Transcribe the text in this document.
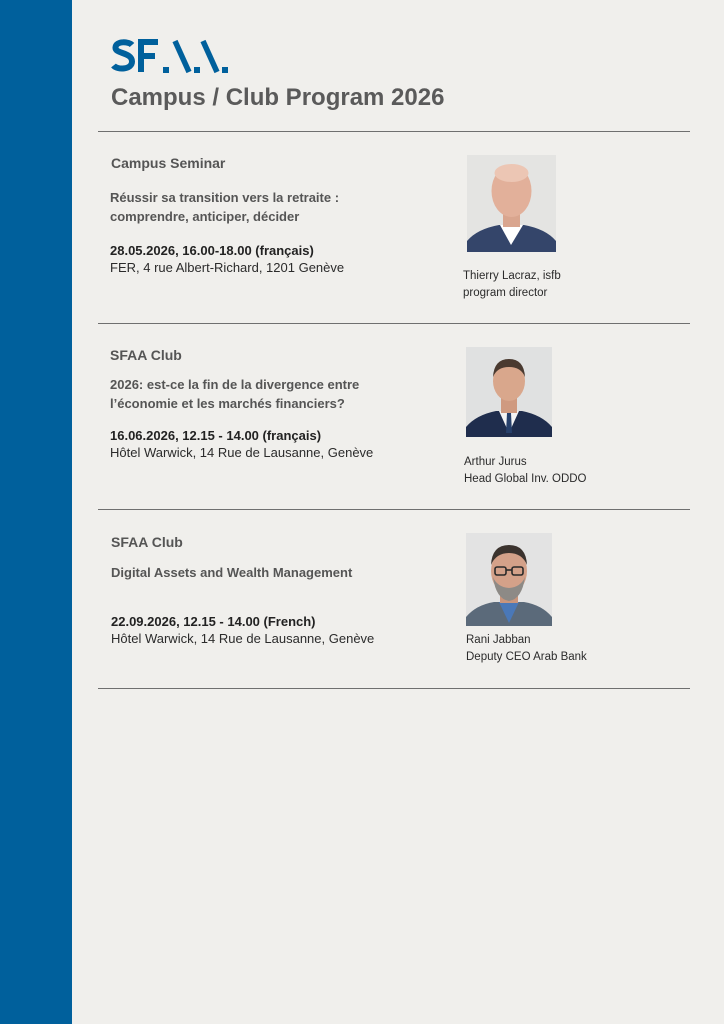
Campus / Club Program 2026
Campus Seminar
Réussir sa transition vers la retraite :
comprendre, anticiper, décider
28.05.2026, 16.00-18.00 (français)
FER, 4 rue Albert-Richard, 1201 Genève
Thierry Lacraz, isfb
program director
SFAA Club
2026: est-ce la fin de la divergence entre
l’économie et les marchés financiers?
16.06.2026, 12.15 - 14.00 (français)
Hôtel Warwick, 14 Rue de Lausanne, Genève
Arthur Jurus
Head Global Inv. ODDO
SFAA Club
Digital Assets and Wealth Management
22.09.2026, 12.15 - 14.00 (French)
Hôtel Warwick, 14 Rue de Lausanne, Genève	Rani Jabban
Deputy CEO Arab Bank
